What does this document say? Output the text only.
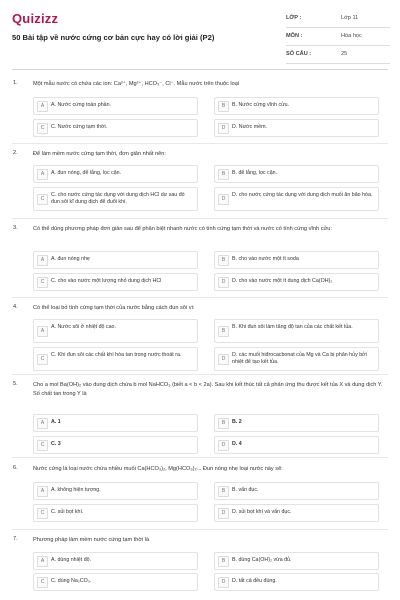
Quizizz
50 Bài tập về nước cứng cơ bản cực hay có lời giải (P2)
LỚP :	Lớp 11
MÔN :	Hóa học
SỐ CÂU :	25
1.	Một mẫu nước có chứa các ion: Ca²⁺, Mg²⁺, HCO₃⁻, Cl⁻. Mẫu nước trên thuộc loại
A	A. Nước cứng toàn phần.	B	B. Nước cứng vĩnh cửu.
C	C. Nước cứng tạm thời.	D	D. Nước mềm.
2.	Để làm mềm nước cứng tạm thời, đơn giản nhất nên:
A	A. đun nóng, để lắng, lọc cặn.	B	B. để lắng, lọc cặn.
C
C. cho nước cứng tác dụng với dung dịch HCl dư sau đó đun sôi kĩ dung dịch để đuổi khí.
D
D. cho nước cứng tác dụng với dung dịch muối ăn bão hòa.
3.	Có thể dùng phương pháp đơn giản sau để phân biệt nhanh nước có tính cứng tạm thời và nước có tính cứng vĩnh cửu:
A	A. đun nóng nhẹ	B	B. cho vào nước một ít soda
C	C. cho vào nước một lượng nhỏ dung dịch HCl	D	D. cho vào nước một ít dung dịch Ca(OH)₂
4.	Có thể loại bỏ tính cứng tạm thời của nước bằng cách đun sôi vì:
A
A. Nước sôi ở nhiệt độ cao.
B
B. Khi đun sôi làm tăng độ tan của các chất kết tủa.
C
C. Khi đun sôi các chất khí hòa tan trong nước thoát ra.
D
D. các muối hiđrocacbonat của Mg và Ca bị phân hủy bởi nhiệt để tạo kết tủa.
5.	Cho a mol Ba(OH)₂ vào dung dịch chứa b mol NaHCO₃ (biết a < b < 2a). Sau khi kết thúc tất cả phản ứng thu được kết tủa X và dung dịch Y. Số chất tan trong Y là
A	A. 1	B	B. 2
C	C. 3	D	D. 4
6.	Nước cứng là loại nước chứa nhiều muối Ca(HCO₃)₂, Mg(HCO₃)₂... Đun nóng nhẹ loại nước này sẽ:
A	A. không hiện tượng.	B	B. vẩn đục.
C	C. sủi bọt khí.	D	D. sủi bọt khí và vẩn đục.
7.	Phương pháp làm mềm nước cứng tạm thời là
A	A. dùng nhiệt độ.	B	B. dùng Ca(OH)₂ vừa đủ.
C	C. dùng Na₂CO₃.	D	D. tất cả đều đúng.
